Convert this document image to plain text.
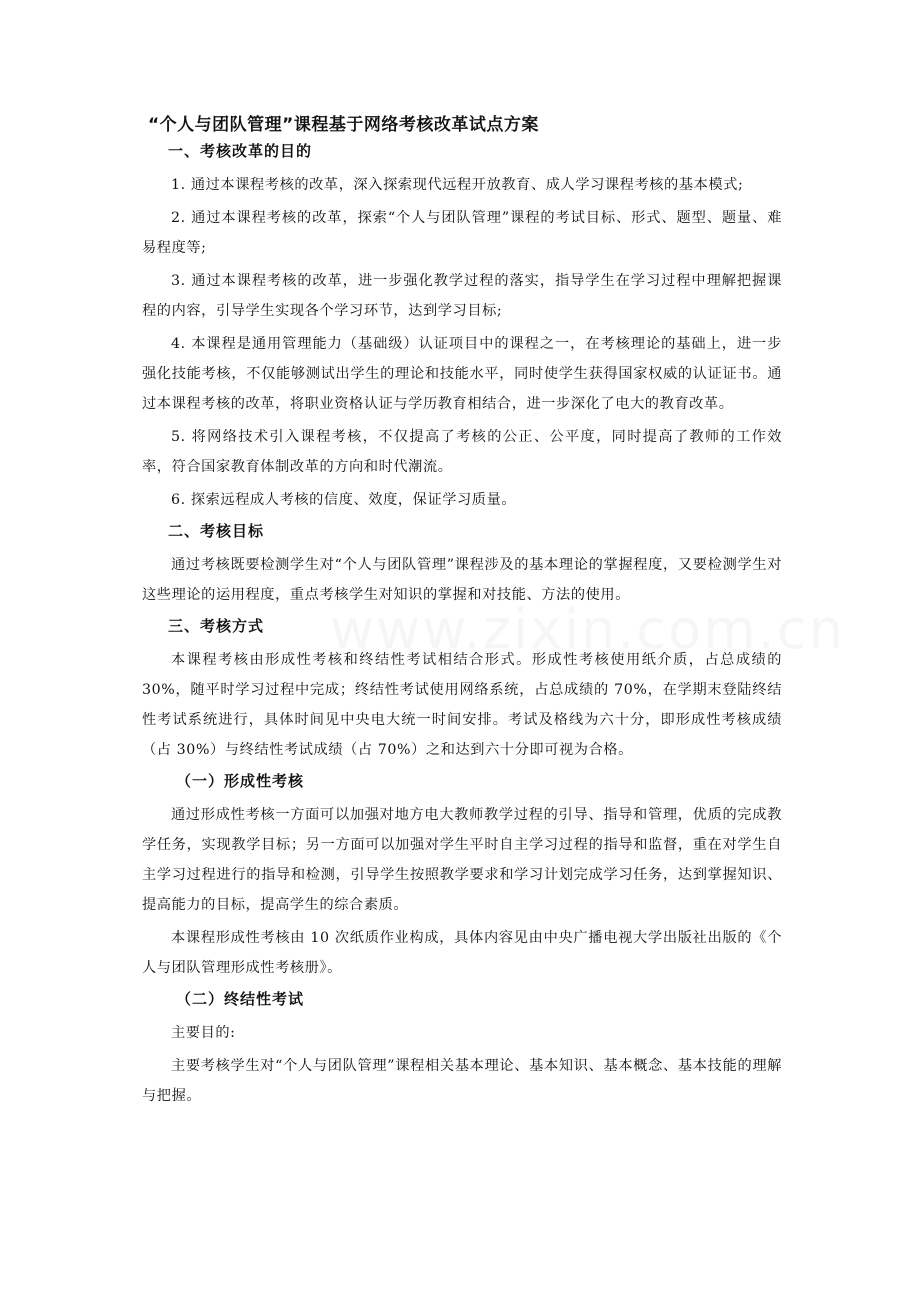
“个人与团队管理”课程基于网络考核改革试点方案
一、考核改革的目的
1. 通过本课程考核的改革，深入探索现代远程开放教育、成人学习课程考核的基本模式;
2. 通过本课程考核的改革，探索“个人与团队管理”课程的考试目标、形式、题型、题量、难易程度等;
3. 通过本课程考核的改革，进一步强化教学过程的落实，指导学生在学习过程中理解把握课程的内容，引导学生实现各个学习环节，达到学习目标;
4. 本课程是通用管理能力（基础级）认证项目中的课程之一，在考核理论的基础上，进一步强化技能考核，不仅能够测试出学生的理论和技能水平，同时使学生获得国家权威的认证证书。通过本课程考核的改革，将职业资格认证与学历教育相结合，进一步深化了电大的教育改革。
5. 将网络技术引入课程考核，不仅提高了考核的公正、公平度，同时提高了教师的工作效率，符合国家教育体制改革的方向和时代潮流。
6. 探索远程成人考核的信度、效度，保证学习质量。
二、考核目标
通过考核既要检测学生对“个人与团队管理”课程涉及的基本理论的掌握程度，又要检测学生对这些理论的运用程度，重点考核学生对知识的掌握和对技能、方法的使用。
三、考核方式
本课程考核由形成性考核和终结性考试相结合形式。形成性考核使用纸介质，占总成绩的 30%，随平时学习过程中完成；终结性考试使用网络系统，占总成绩的 70%，在学期末登陆终结性考试系统进行，具体时间见中央电大统一时间安排。考试及格线为六十分，即形成性考核成绩（占 30%）与终结性考试成绩（占 70%）之和达到六十分即可视为合格。
（一）形成性考核
通过形成性考核一方面可以加强对地方电大教师教学过程的引导、指导和管理，优质的完成教学任务，实现教学目标；另一方面可以加强对学生平时自主学习过程的指导和监督，重在对学生自主学习过程进行的指导和检测，引导学生按照教学要求和学习计划完成学习任务，达到掌握知识、提高能力的目标，提高学生的综合素质。
本课程形成性考核由 10 次纸质作业构成，具体内容见由中央广播电视大学出版社出版的《个人与团队管理形成性考核册》。
（二）终结性考试
主要目的:
主要考核学生对“个人与团队管理”课程相关基本理论、基本知识、基本概念、基本技能的理解与把握。
